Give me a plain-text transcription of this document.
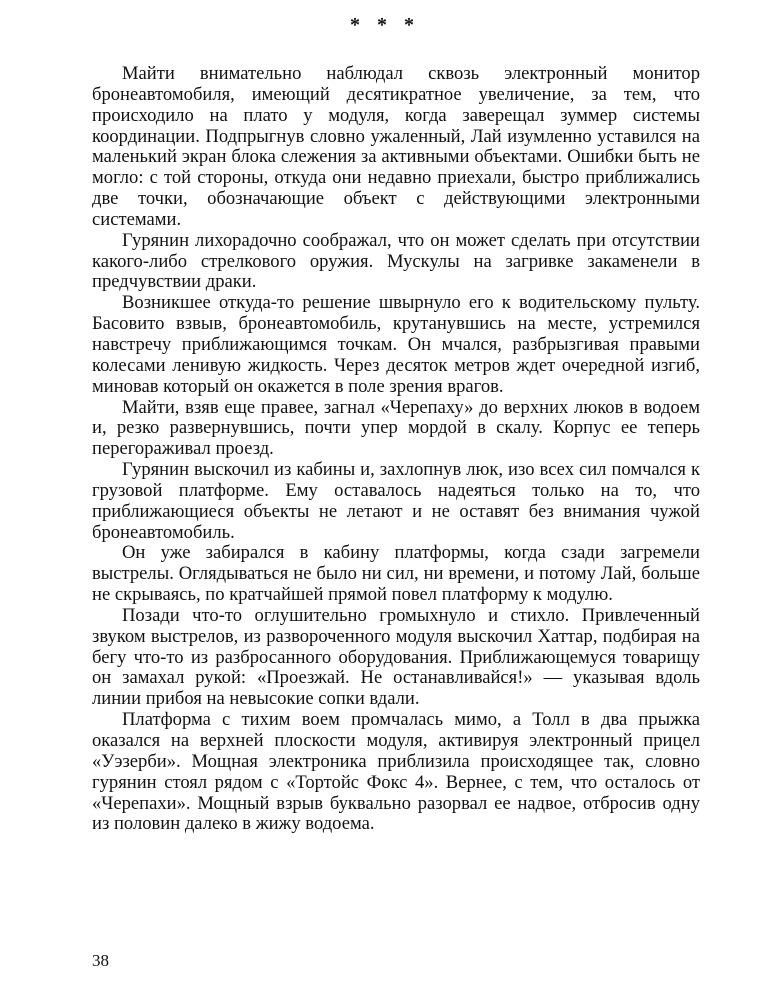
* * *

Майти внимательно наблюдал сквозь электронный монитор бронеавтомобиля, имеющий десятикратное увеличение, за тем, что происходило на плато у модуля, когда заверещал зуммер системы координации. Подпрыгнув словно ужаленный, Лай изумленно уставился на маленький экран блока слежения за активными объектами. Ошибки быть не могло: с той стороны, откуда они недавно приехали, быстро приближались две точки, обозначающие объект с действующими электронными системами.

Гурянин лихорадочно соображал, что он может сделать при отсутствии какого-либо стрелкового оружия. Мускулы на загривке закаменели в предчувствии драки.

Возникшее откуда-то решение швырнуло его к водительскому пульту. Басовито взвыв, бронеавтомобиль, крутанувшись на месте, устремился навстречу приближающимся точкам. Он мчался, разбрызгивая правыми колесами ленивую жидкость. Через десяток метров ждет очередной изгиб, миновав который он окажется в поле зрения врагов.

Майти, взяв еще правее, загнал «Черепаху» до верхних люков в водоем и, резко развернувшись, почти упер мордой в скалу. Корпус ее теперь перегораживал проезд.

Гурянин выскочил из кабины и, захлопнув люк, изо всех сил помчался к грузовой платформе. Ему оставалось надеяться только на то, что приближающиеся объекты не летают и не оставят без внимания чужой бронеавтомобиль.

Он уже забирался в кабину платформы, когда сзади загремели выстрелы. Оглядываться не было ни сил, ни времени, и потому Лай, больше не скрываясь, по кратчайшей прямой повел платформу к модулю.

Позади что-то оглушительно громыхнуло и стихло. Привлеченный звуком выстрелов, из развороченного модуля выскочил Хаттар, подбирая на бегу что-то из разбросанного оборудования. Приближающемуся товарищу он замахал рукой: «Проезжай. Не останавливайся!» — указывая вдоль линии прибоя на невысокие сопки вдали.

Платформа с тихим воем промчалась мимо, а Толл в два прыжка оказался на верхней плоскости модуля, активируя электронный прицел «Уэзерби». Мощная электроника приблизила происходящее так, словно гурянин стоял рядом с «Тортойс Фокс 4». Вернее, с тем, что осталось от «Черепахи». Мощный взрыв буквально разорвал ее надвое, отбросив одну из половин далеко в жижу водоема.

38
